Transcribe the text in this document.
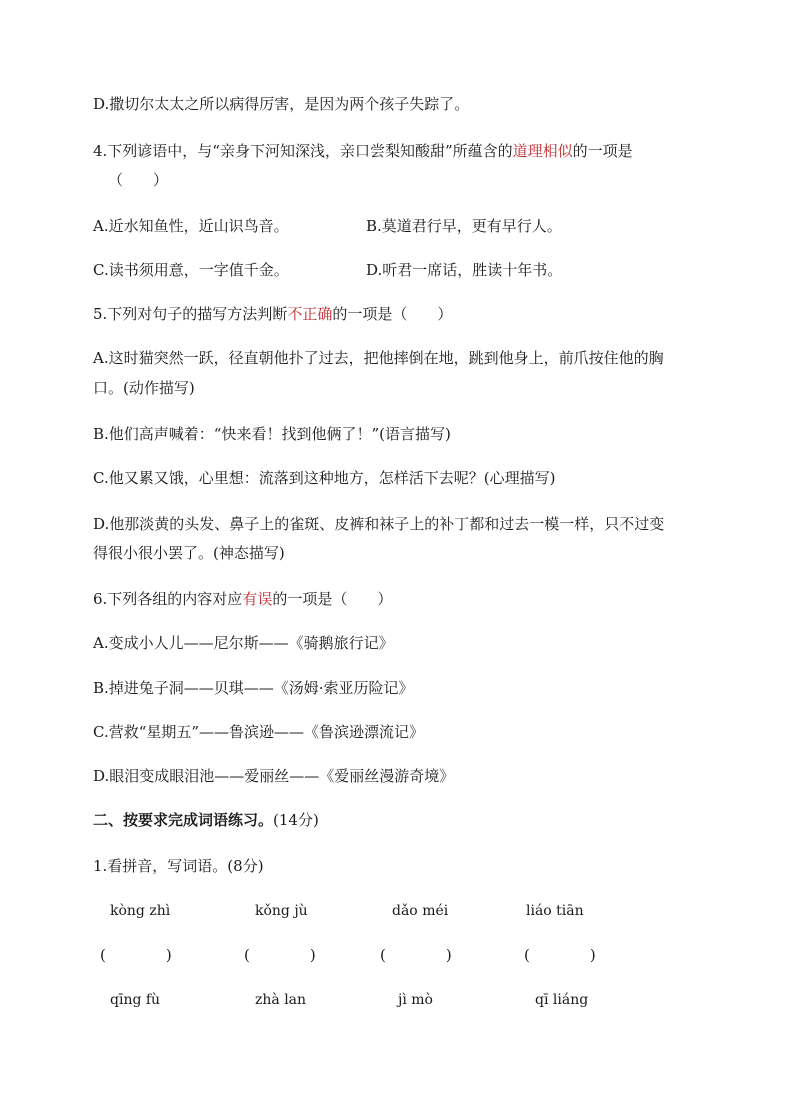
D.撒切尔太太之所以病得厉害，是因为两个孩子失踪了。
4.下列谚语中，与“亲身下河知深浅，亲口尝梨知酸甜”所蕴含的道理相似的一项是
（　　）
A.近水知鱼性，近山识鸟音。	B.莫道君行早，更有早行人。
C.读书须用意，一字值千金。	D.听君一席话，胜读十年书。
5.下列对句子的描写方法判断不正确的一项是（　　）
A.这时猫突然一跃，径直朝他扑了过去，把他摔倒在地，跳到他身上，前爪按住他的胸
口。(动作描写)
B.他们高声喊着：“快来看！找到他俩了！”(语言描写)
C.他又累又饿，心里想：流落到这种地方，怎样活下去呢？(心理描写)
D.他那淡黄的头发、鼻子上的雀斑、皮裤和袜子上的补丁都和过去一模一样，只不过变
得很小很小罢了。(神态描写)
6.下列各组的内容对应有误的一项是（　　）
A.变成小人儿——尼尔斯——《骑鹅旅行记》
B.掉进兔子洞——贝琪——《汤姆·索亚历险记》
C.营救“星期五”——鲁滨逊——《鲁滨逊漂流记》
D.眼泪变成眼泪池——爱丽丝——《爱丽丝漫游奇境》
二、按要求完成词语练习。(14分)
1.看拼音，写词语。(8分)
kòng zhì	kǒng jù	dǎo méi	liáo tiān
(　　　　)	(　　　　)	(　　　　)	(　　　　)
qīng fù	zhà lan	jì mò	qī liáng
